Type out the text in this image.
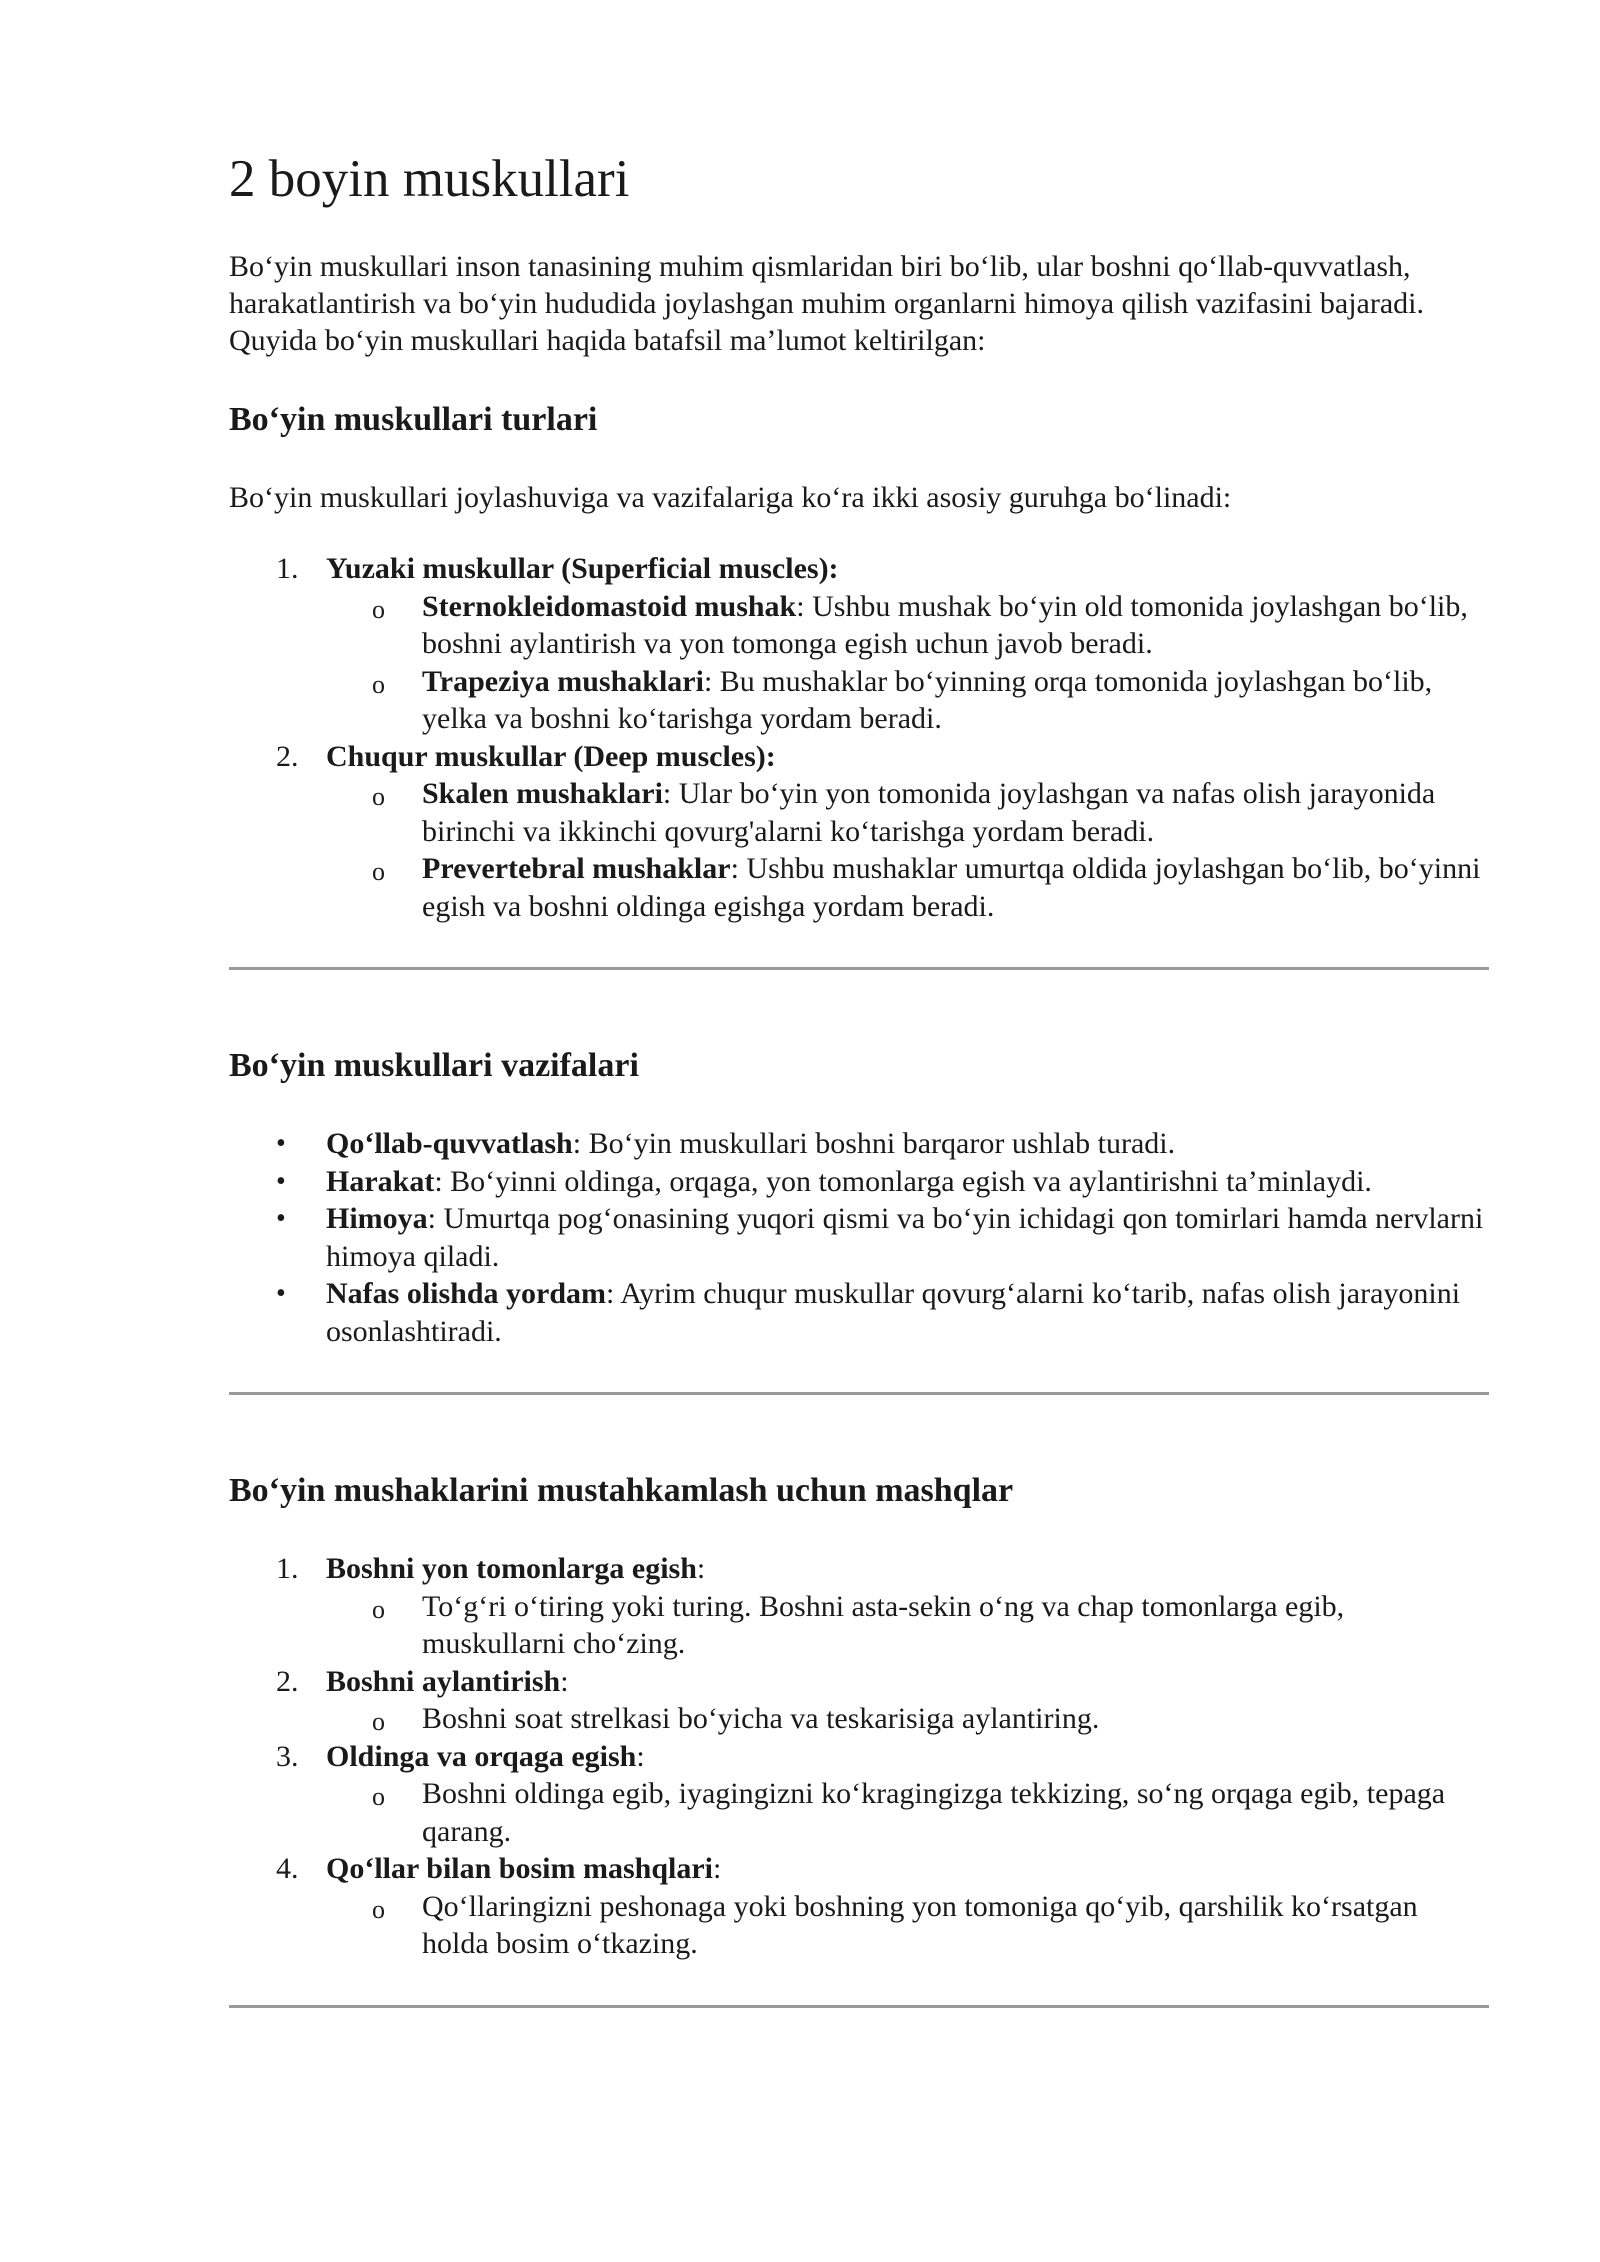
2 boyin muskullari

Bo‘yin muskullari inson tanasining muhim qismlaridan biri bo‘lib, ular boshni qo‘llab-quvvatlash, harakatlantirish va bo‘yin hududida joylashgan muhim organlarni himoya qilish vazifasini bajaradi. Quyida bo‘yin muskullari haqida batafsil ma’lumot keltirilgan:

Bo‘yin muskullari turlari

Bo‘yin muskullari joylashuviga va vazifalariga ko‘ra ikki asosiy guruhga bo‘linadi:

1. Yuzaki muskullar (Superficial muscles):
o Sternokleidomastoid mushak: Ushbu mushak bo‘yin old tomonida joylashgan bo‘lib, boshni aylantirish va yon tomonga egish uchun javob beradi.
o Trapeziya mushaklari: Bu mushaklar bo‘yinning orqa tomonida joylashgan bo‘lib, yelka va boshni ko‘tarishga yordam beradi.
2. Chuqur muskullar (Deep muscles):
o Skalen mushaklari: Ular bo‘yin yon tomonida joylashgan va nafas olish jarayonida birinchi va ikkinchi qovurg'alarni ko‘tarishga yordam beradi.
o Prevertebral mushaklar: Ushbu mushaklar umurtqa oldida joylashgan bo‘lib, bo‘yinni egish va boshni oldinga egishga yordam beradi.
Bo‘yin muskullari vazifalari
• Qo‘llab-quvvatlash: Bo‘yin muskullari boshni barqaror ushlab turadi.
• Harakat: Bo‘yinni oldinga, orqaga, yon tomonlarga egish va aylantirishni ta’minlaydi.
• Himoya: Umurtqa pog‘onasining yuqori qismi va bo‘yin ichidagi qon tomirlari hamda nervlarni himoya qiladi.
• Nafas olishda yordam: Ayrim chuqur muskullar qovurg‘alarni ko‘tarib, nafas olish jarayonini osonlashtiradi.
Bo‘yin mushaklarini mustahkamlash uchun mashqlar
1. Boshni yon tomonlarga egish:
o To‘g‘ri o‘tiring yoki turing. Boshni asta-sekin o‘ng va chap tomonlarga egib, muskullarni cho‘zing.
2. Boshni aylantirish:
o Boshni soat strelkasi bo‘yicha va teskarisiga aylantiring.
3. Oldinga va orqaga egish:
o Boshni oldinga egib, iyagingizni ko‘kragingizga tekkizing, so‘ng orqaga egib, tepaga qarang.
4. Qo‘llar bilan bosim mashqlari:
o Qo‘llaringizni peshonaga yoki boshning yon tomoniga qo‘yib, qarshilik ko‘rsatgan holda bosim o‘tkazing.
